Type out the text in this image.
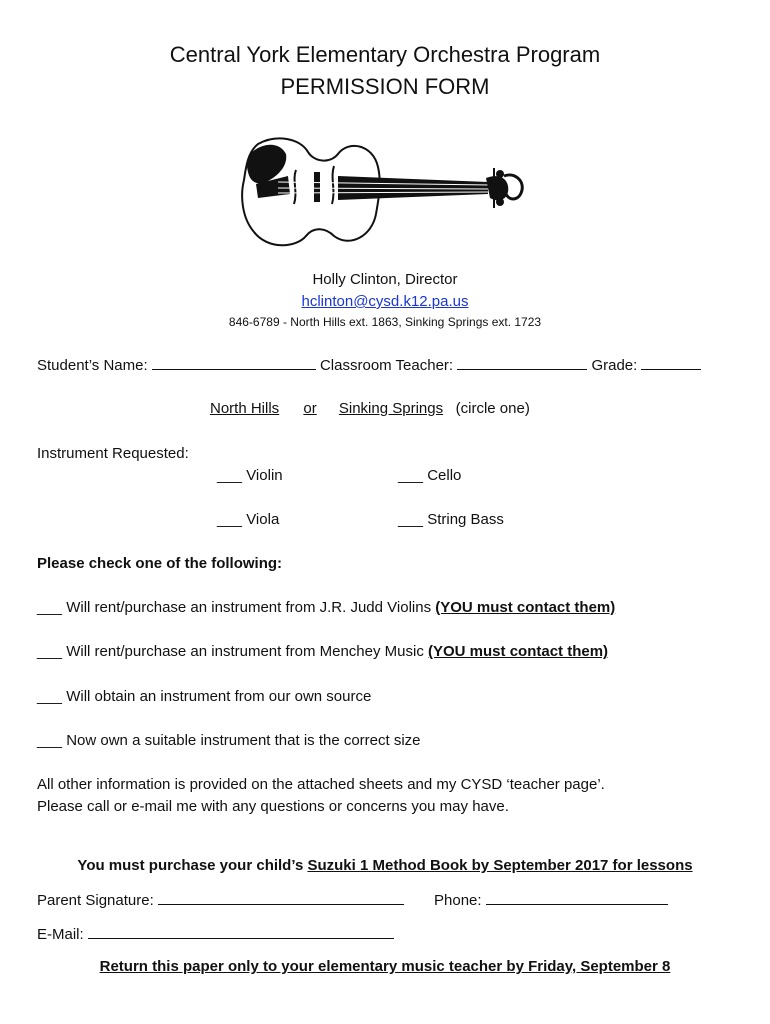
Central York Elementary Orchestra Program
PERMISSION FORM
Holly Clinton, Director
hclinton@cysd.k12.pa.us
846-6789 - North Hills ext. 1863, Sinking Springs ext. 1723
Student’s Name:	Classroom Teacher:	Grade:
North Hills or Sinking Springs (circle one)
Instrument Requested:
___ Violin	___ Cello
___ Viola	___ String Bass
Please check one of the following:
___ Will rent/purchase an instrument from J.R. Judd Violins (YOU must contact them)
___ Will rent/purchase an instrument from Menchey Music (YOU must contact them)
___ Will obtain an instrument from our own source
___ Now own a suitable instrument that is the correct size
All other information is provided on the attached sheets and my CYSD ‘teacher page’.
Please call or e-mail me with any questions or concerns you may have.
You must purchase your child’s Suzuki 1 Method Book by September 2017 for lessons
Parent Signature:	Phone:
E-Mail:
Return this paper only to your elementary music teacher by Friday, September 8
